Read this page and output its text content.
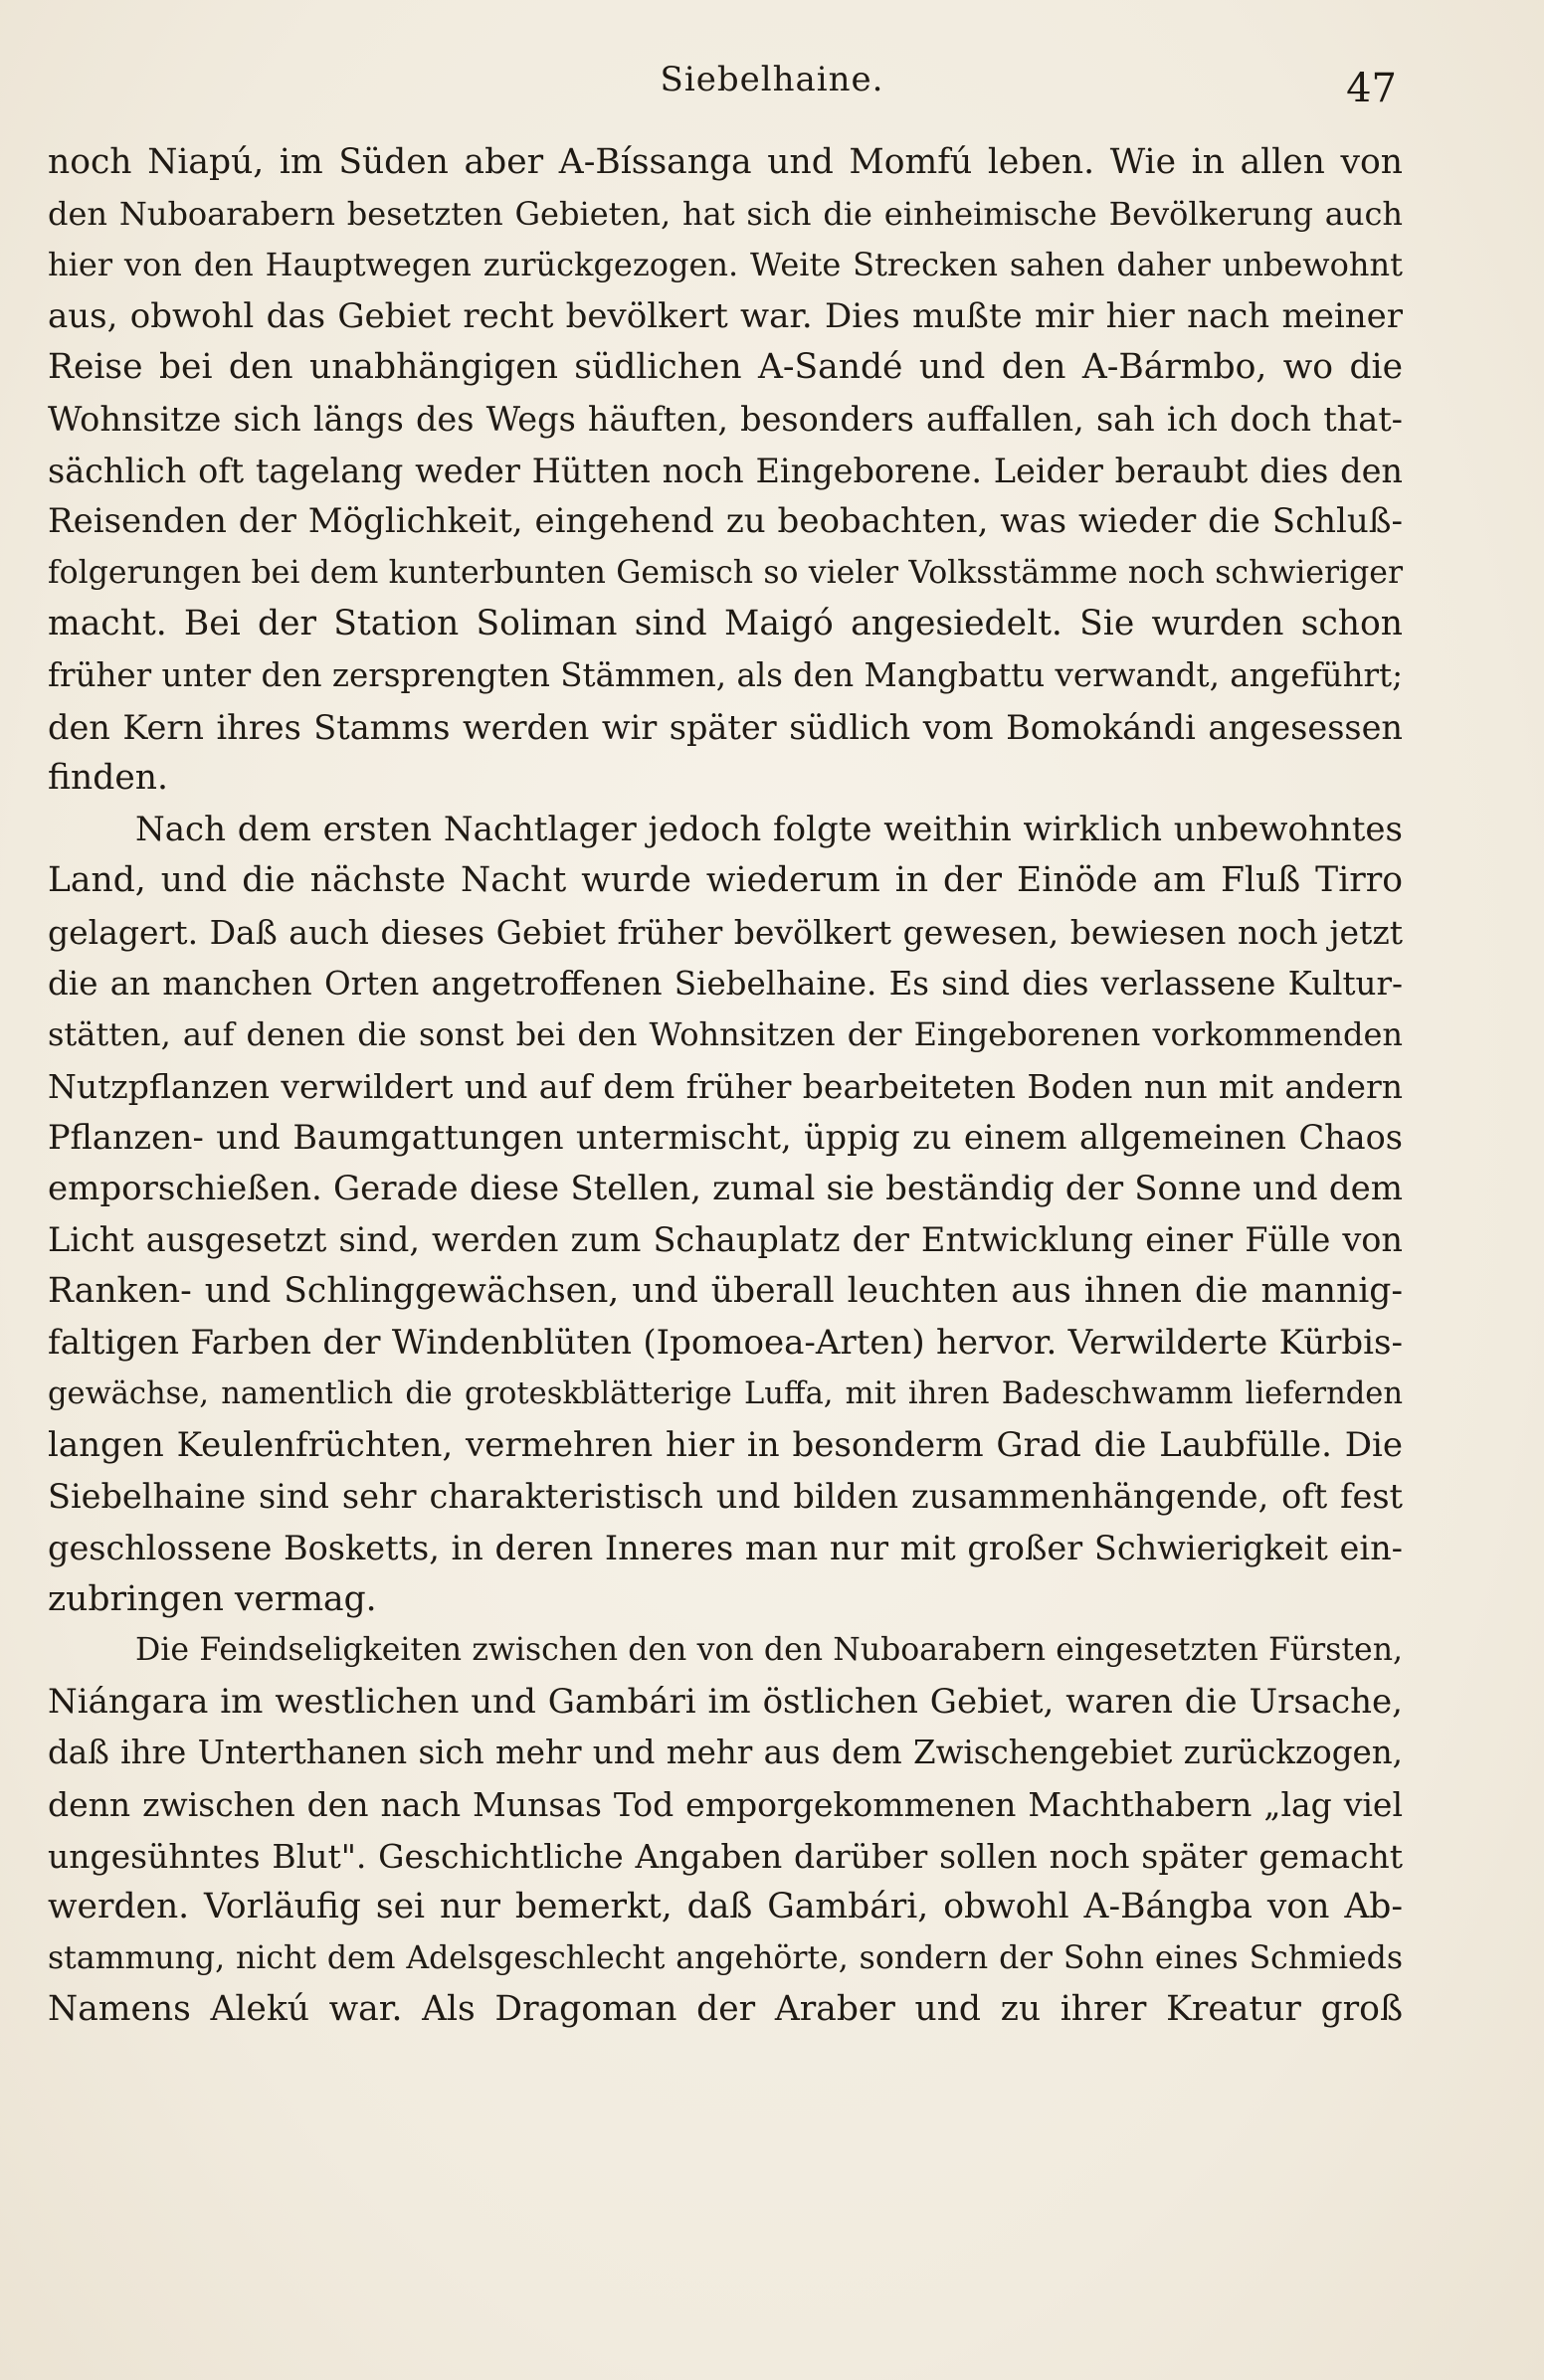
Siebelhaine.	47
noch Niapú, im Süden aber A-Bíssanga und Momfú leben. Wie in allen von
den Nuboarabern besetzten Gebieten, hat sich die einheimische Bevölkerung auch
hier von den Hauptwegen zurückgezogen. Weite Strecken sahen daher unbewohnt
aus, obwohl das Gebiet recht bevölkert war. Dies mußte mir hier nach meiner
Reise bei den unabhängigen südlichen A-Sandé und den A-Bármbo, wo die
Wohnsitze sich längs des Wegs häuften, besonders auffallen, sah ich doch that-
sächlich oft tagelang weder Hütten noch Eingeborene. Leider beraubt dies den
Reisenden der Möglichkeit, eingehend zu beobachten, was wieder die Schluß-
folgerungen bei dem kunterbunten Gemisch so vieler Volksstämme noch schwieriger
macht. Bei der Station Soliman sind Maigó angesiedelt. Sie wurden schon
früher unter den zersprengten Stämmen, als den Mangbattu verwandt, angeführt;
den Kern ihres Stamms werden wir später südlich vom Bomokándi angesessen
finden.
Nach dem ersten Nachtlager jedoch folgte weithin wirklich unbewohntes
Land, und die nächste Nacht wurde wiederum in der Einöde am Fluß Tirro
gelagert. Daß auch dieses Gebiet früher bevölkert gewesen, bewiesen noch jetzt
die an manchen Orten angetroffenen Siebelhaine. Es sind dies verlassene Kultur-
stätten, auf denen die sonst bei den Wohnsitzen der Eingeborenen vorkommenden
Nutzpflanzen verwildert und auf dem früher bearbeiteten Boden nun mit andern
Pflanzen- und Baumgattungen untermischt, üppig zu einem allgemeinen Chaos
emporschießen. Gerade diese Stellen, zumal sie beständig der Sonne und dem
Licht ausgesetzt sind, werden zum Schauplatz der Entwicklung einer Fülle von
Ranken- und Schlinggewächsen, und überall leuchten aus ihnen die mannig-
faltigen Farben der Windenblüten (Ipomoea-Arten) hervor. Verwilderte Kürbis-
gewächse, namentlich die groteskblätterige Luffa, mit ihren Badeschwamm liefernden
langen Keulenfrüchten, vermehren hier in besonderm Grad die Laubfülle. Die
Siebelhaine sind sehr charakteristisch und bilden zusammenhängende, oft fest
geschlossene Bosketts, in deren Inneres man nur mit großer Schwierigkeit ein-
zubringen vermag.
Die Feindseligkeiten zwischen den von den Nuboarabern eingesetzten Fürsten,
Niángara im westlichen und Gambári im östlichen Gebiet, waren die Ursache,
daß ihre Unterthanen sich mehr und mehr aus dem Zwischengebiet zurückzogen,
denn zwischen den nach Munsas Tod emporgekommenen Machthabern „lag viel
ungesühntes Blut". Geschichtliche Angaben darüber sollen noch später gemacht
werden. Vorläufig sei nur bemerkt, daß Gambári, obwohl A-Bángba von Ab-
stammung, nicht dem Adelsgeschlecht angehörte, sondern der Sohn eines Schmieds
Namens Alekú war. Als Dragoman der Araber und zu ihrer Kreatur groß
